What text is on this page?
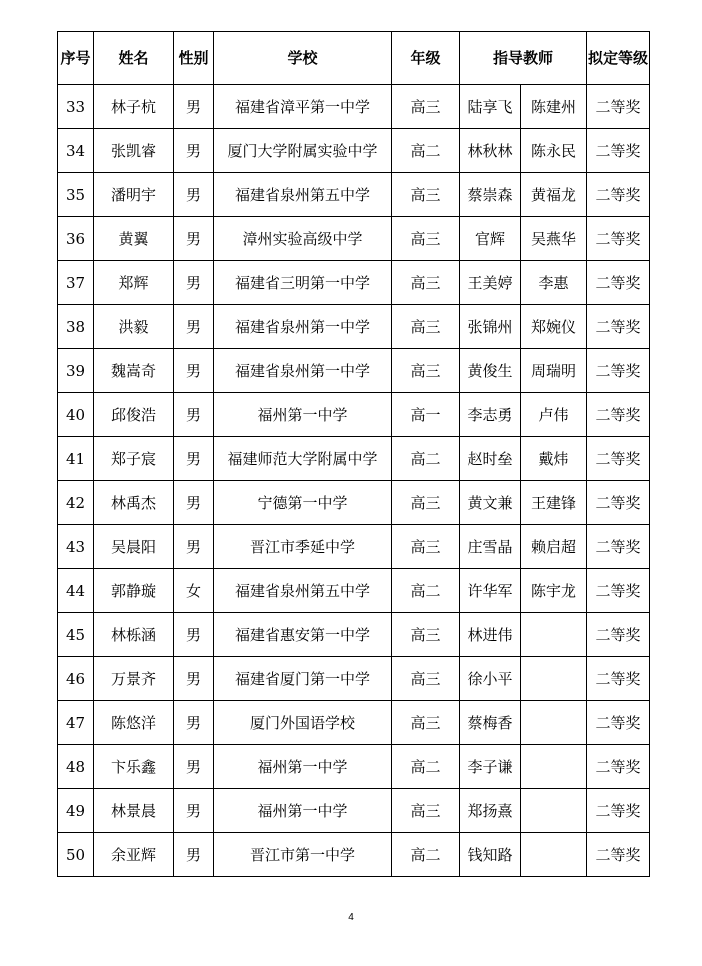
序号	姓名	性别	学校	年级	指导教师		拟定等级
33	林子杭	男	福建省漳平第一中学	高三	陆享飞	陈建州	二等奖
34	张凯睿	男	厦门大学附属实验中学	高二	林秋林	陈永民	二等奖
35	潘明宇	男	福建省泉州第五中学	高三	蔡崇森	黄福龙	二等奖
36	黄翼	男	漳州实验高级中学	高三	官辉	吴燕华	二等奖
37	郑辉	男	福建省三明第一中学	高三	王美婷	李惠	二等奖
38	洪毅	男	福建省泉州第一中学	高三	张锦州	郑婉仪	二等奖
39	魏嵩奇	男	福建省泉州第一中学	高三	黄俊生	周瑞明	二等奖
40	邱俊浩	男	福州第一中学	高一	李志勇	卢伟	二等奖
41	郑子宸	男	福建师范大学附属中学	高二	赵时垒	戴炜	二等奖
42	林禹杰	男	宁德第一中学	高三	黄文兼	王建锋	二等奖
43	吴晨阳	男	晋江市季延中学	高三	庄雪晶	赖启超	二等奖
44	郭静璇	女	福建省泉州第五中学	高二	许华军	陈宇龙	二等奖
45	林栎涵	男	福建省惠安第一中学	高三	林进伟		二等奖
46	万景齐	男	福建省厦门第一中学	高三	徐小平		二等奖
47	陈悠洋	男	厦门外国语学校	高三	蔡梅香		二等奖
48	卞乐鑫	男	福州第一中学	高二	李子谦		二等奖
49	林景晨	男	福州第一中学	高三	郑扬熹		二等奖
50	余亚辉	男	晋江市第一中学	高二	钱知路		二等奖
4
